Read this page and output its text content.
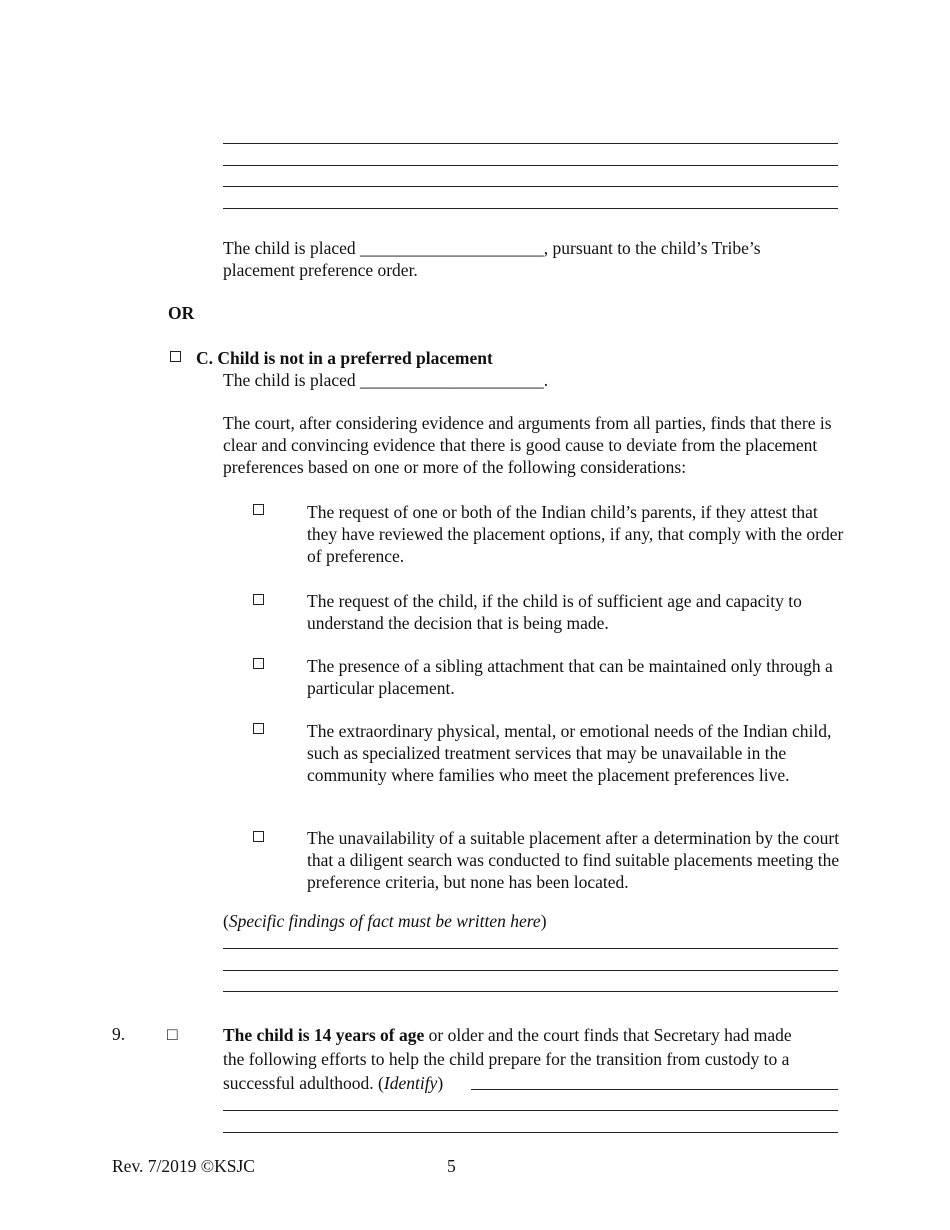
The child is placed _____________________, pursuant to the child’s Tribe’s
placement preference order.
OR
C. Child is not in a preferred placement
The child is placed _____________________.
The court, after considering evidence and arguments from all parties, finds that there is clear and convincing evidence that there is good cause to deviate from the placement preferences based on one or more of the following considerations:
The request of one or both of the Indian child’s parents, if they attest that they have reviewed the placement options, if any, that comply with the order of preference.
The request of the child, if the child is of sufficient age and capacity to understand the decision that is being made.
The presence of a sibling attachment that can be maintained only through a particular placement.
The extraordinary physical, mental, or emotional needs of the Indian child, such as specialized treatment services that may be unavailable in the community where families who meet the placement preferences live.
The unavailability of a suitable placement after a determination by the court that a diligent search was conducted to find suitable placements meeting the preference criteria, but none has been located.
(Specific findings of fact must be written here)
9. □	The child is 14 years of age or older and the court finds that Secretary had made
the following efforts to help the child prepare for the transition from custody to a
successful adulthood. (Identify)
Rev. 7/2019 ©KSJC	5
